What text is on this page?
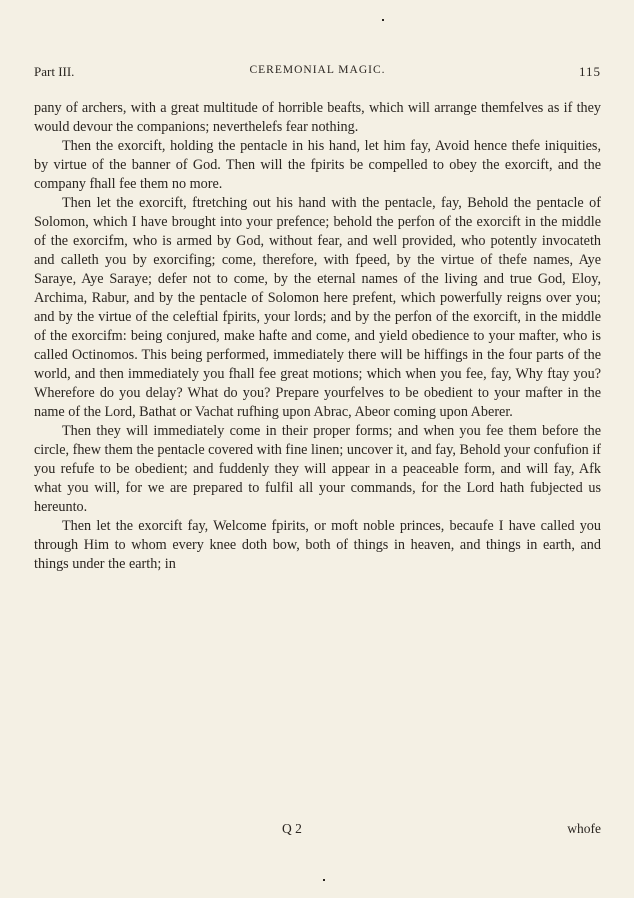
Part III.	CEREMONIAL MAGIC.	115

pany of archers, with a great multitude of horrible beafts, which will arrange themfelves as if they would devour the companions; neverthelefs fear nothing.

Then the exorcift, holding the pentacle in his hand, let him fay, Avoid hence thefe iniquities, by virtue of the banner of God. Then will the fpirits be compelled to obey the exorcift, and the company fhall fee them no more.

Then let the exorcift, ftretching out his hand with the pentacle, fay, Behold the pentacle of Solomon, which I have brought into your prefence; behold the perfon of the exorcift in the middle of the exorcifm, who is armed by God, without fear, and well provided, who potently invocateth and calleth you by exorcifing; come, therefore, with fpeed, by the virtue of thefe names, Aye Saraye, Aye Saraye; defer not to come, by the eternal names of the living and true God, Eloy, Archima, Rabur, and by the pentacle of Solomon here prefent, which powerfully reigns over you; and by the virtue of the celeftial fpirits, your lords; and by the perfon of the exorcift, in the middle of the exorcifm: being conjured, make hafte and come, and yield obedience to your mafter, who is called Octinomos. This being performed, immediately there will be hiffings in the four parts of the world, and then immediately you fhall fee great motions; which when you fee, fay, Why ftay you? Wherefore do you delay? What do you? Prepare yourfelves to be obedient to your mafter in the name of the Lord, Bathat or Vachat rufhing upon Abrac, Abeor coming upon Aberer.

Then they will immediately come in their proper forms; and when you fee them before the circle, fhew them the pentacle covered with fine linen; uncover it, and fay, Behold your confufion if you refufe to be obedient; and fuddenly they will appear in a peaceable form, and will fay, Afk what you will, for we are prepared to fulfil all your commands, for the Lord hath fubjected us hereunto.

Then let the exorcift fay, Welcome fpirits, or moft noble princes, becaufe I have called you through Him to whom every knee doth bow, both of things in heaven, and things in earth, and things under the earth; in

Q 2	whofe
